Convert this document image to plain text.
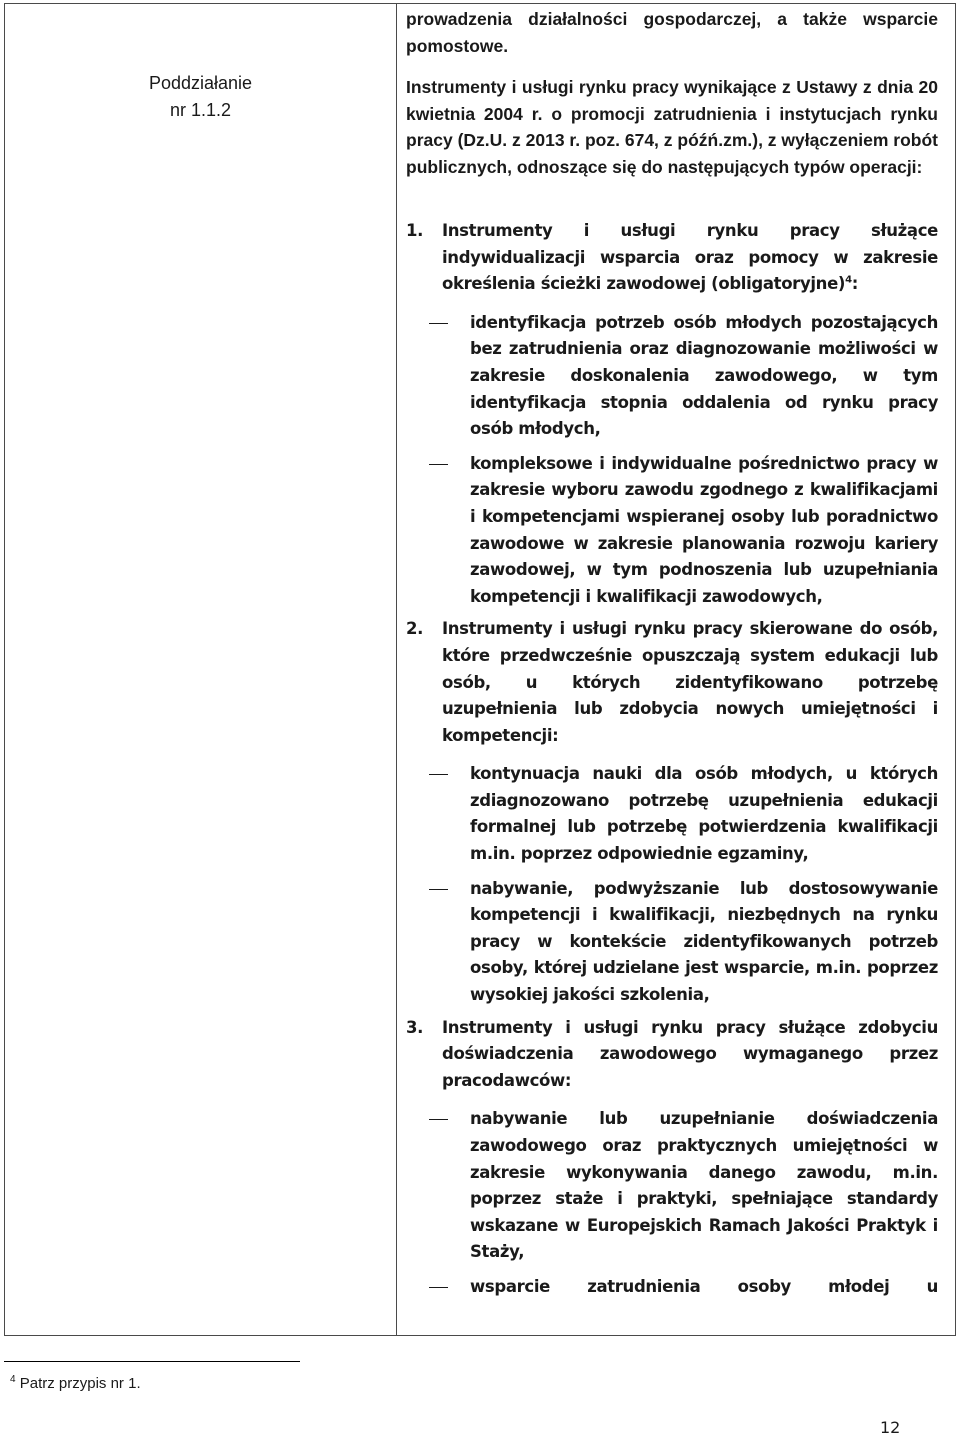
Poddziałanie
nr 1.1.2
prowadzenia działalności gospodarczej, a także wsparcie pomostowe.
Instrumenty i usługi rynku pracy wynikające z Ustawy z dnia 20 kwietnia 2004 r. o promocji zatrudnienia i instytucjach rynku pracy (Dz.U. z 2013 r. poz. 674, z późń.zm.), z wyłączeniem robót publicznych, odnoszące się do następujących typów operacji:
1. Instrumenty i usługi rynku pracy służące indywidualizacji wsparcia oraz pomocy w zakresie określenia ścieżki zawodowej (obligatoryjne)$^4$:
identyfikacja potrzeb osób młodych pozostających bez zatrudnienia oraz diagnozowanie możliwości w zakresie doskonalenia zawodowego, w tym identyfikacja stopnia oddalenia od rynku pracy osób młodych,
kompleksowe i indywidualne pośrednictwo pracy w zakresie wyboru zawodu zgodnego z kwalifikacjami i kompetencjami wspieranej osoby lub poradnictwo zawodowe w zakresie planowania rozwoju kariery zawodowej, w tym podnoszenia lub uzupełniania kompetencji i kwalifikacji zawodowych,
2. Instrumenty i usługi rynku pracy skierowane do osób, które przedwcześnie opuszczają system edukacji lub osób, u których zidentyfikowano potrzebę uzupełnienia lub zdobycia nowych umiejętności i kompetencji:
kontynuacja nauki dla osób młodych, u których zdiagnozowano potrzebę uzupełnienia edukacji formalnej lub potrzebę potwierdzenia kwalifikacji m.in. poprzez odpowiednie egzaminy,
nabywanie, podwyższanie lub dostosowywanie kompetencji i kwalifikacji, niezbędnych na rynku pracy w kontekście zidentyfikowanych potrzeb osoby, której udzielane jest wsparcie, m.in. poprzez wysokiej jakości szkolenia,
3. Instrumenty i usługi rynku pracy służące zdobyciu doświadczenia zawodowego wymaganego przez pracodawców:
nabywanie lub uzupełnianie doświadczenia zawodowego oraz praktycznych umiejętności w zakresie wykonywania danego zawodu, m.in. poprzez staże i praktyki, spełniające standardy wskazane w Europejskich Ramach Jakości Praktyk i Staży,
wsparcie zatrudnienia osoby młodej u
$^4$ Patrz przypis nr 1.
12
